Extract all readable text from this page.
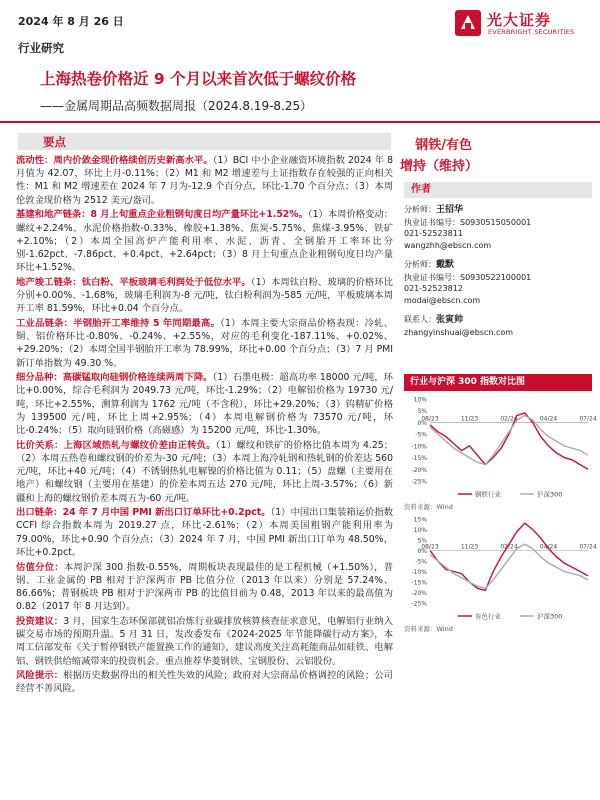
2024 年 8 月 26 日	光大证券
EVERBRIGHT SECURITIES
行业研究
上海热卷价格近 9 个月以来首次低于螺纹价格
——金属周期品高频数据周报（2024.8.19-8.25）
要点

流动性：周内价敛金现价格续创历史新高水平。（1）BCI 中小企业融资环境指数 2024 年 8 月值为 42.07，环比上月-0.11%；（2）M1 和 M2 增速差与上证指数存在较强的正向相关性：M1 和 M2 增速差在 2024 年 7 月为-12.9 个百分点，环比-1.70 个百分点；（3）本周伦敦金现价格为 2512 美元/盎司。

基建和地产链条：8 月上旬重点企业粗钢旬度日均产量环比+1.52%。（1）本周价格变动：螺纹+2.24%、水泥价格指数-0.33%、橡胶+1.38%、焦炭-5.75%、焦煤-3.95%、铁矿+2.10%；（2）本周全国高炉产能利用率、水泥、沥青、全钢胎开工率环比分别-1.62pct、-7.86pct、+0.4pct、+2.64pct；（3）8 月上旬重点企业粗钢旬度日均产量环比+1.52%。

地产竣工链条：钛白粉、平板玻璃毛利润处于低位水平。（1）本周钛白粉、玻璃的价格环比分别+0.00%、-1.68%，玻璃毛利润为-8 元/吨，钛白粉利润为-585 元/吨，平板玻璃本周开工率 81.59%，环比+0.04 个百分点。

工业品链条：半钢胎开工率维持 5 年同期最高。（1）本周主要大宗商品价格表现：冷轧、铜、铝价格环比-0.80%、-0.24%、+2.55%，对应的毛利变化-187.11%、+0.02%、+29.20%；（2）本周全国半钢胎开工率为 78.99%，环比+0.00 个百分点；（3）7 月 PMI 新订单指数为 49.30 %。

细分品种：高碳锰取向硅钢价格连续两周下降。（1）石墨电极：超高功率 18000 元/吨，环比+0.00%，综合毛利润为 2049.73 元/吨，环比-1.29%；（2）电解铝价格为 19730 元/吨，环比+2.55%，测算利润为 1762 元/吨（不含税），环比+29.20%；（3）钨精矿价格为 139500 元/吨，环比上周+2.95%；（4）本周电解钢价格为 73570 元/吨，环比-0.24%；（5）取向硅钢价格（高磁感）为 15200 元/吨，环比-1.30%。

比价关系：上海区域热轧与螺纹价差由正转负。（1）螺纹和铁矿的价格比值本周为 4.25；（2）本周五热卷和螺纹钢的价差为-30 元/吨；（3）本周上海冷轧钢和热轧钢的价差达 560 元/吨，环比+40 元/吨；（4）不锈钢热轧电解镍的价格比值为 0.11；（5）盘螺（主要用在地产）和螺纹钢（主要用在基建）的价差本周五达 270 元/吨，环比上周-3.57%；（6）新疆和上海的螺纹钢价差本周五为-60 元/吨。

出口链条：24 年 7 月中国 PMI 新出口订单环比+0.2pct。（1）中国出口集装箱运价指数 CCFI 综合指数本周为 2019.27 点，环比-2.61%；（2）本周美国粗钢产能利用率为 79.00%，环比+0.90 个百分点；（3）2024 年 7 月，中国 PMI 新出口订单为 48.50%，环比+0.2pct。

估值分位：本周沪深 300 指数-0.55%，周期板块表现最佳的是工程机械（+1.50%），普钢、工业金属的 PB 相对于沪深两市 PB 比值分位（2013 年以来）分别是 57.24%、86.66%；普钢板块 PB 相对于沪深两市 PB 的比值目前为 0.48，2013 年以来的最高值为 0.82（2017 年 8 月达到）。

投资建议：3 月，国家生态环保部就铝冶炼行业碳排放核算核查征求意见，电解铝行业纳入碳交易市场的预期升温。5 月 31 日，发改委发布《2024-2025 年节能降碳行动方案》，本周工信部发布《关于暂停钢铁产能置换工作的通知》，建议高度关注高耗能商品如硅铁、电解铝、钢铁供给缩减带来的投资机会。重点推荐华菱钢铁、宝钢股份、云铝股份。

风险提示：根据历史数据得出的相关性失效的风险；政府对大宗商品价格调控的风险；公司经营不善风险。

钢铁/有色
增持（维持）
作者
分析师：王招华
执业证书编号：S0930515050001
021-52523811
wangzhh@ebscn.com
分析师：戴默
执业证书编号：S0930522100001
021-52523812
modai@ebscn.com
联系人：张寅帅
zhangyinshuai@ebscn.com
行业与沪深 300 指数对比图
10%
5%
0%
-5%
-10%
-15%
-20%
-25%
08/23	11/23	02/24	04/24	07/24
钢铁行业	沪深300
资料来源：Wind
15%
10%
5%
0%
-5%
-10%
-15%
-20%
-25%
08/23	11/23	02/24	04/24	07/24
有色行业	沪深300
资料来源：Wind
